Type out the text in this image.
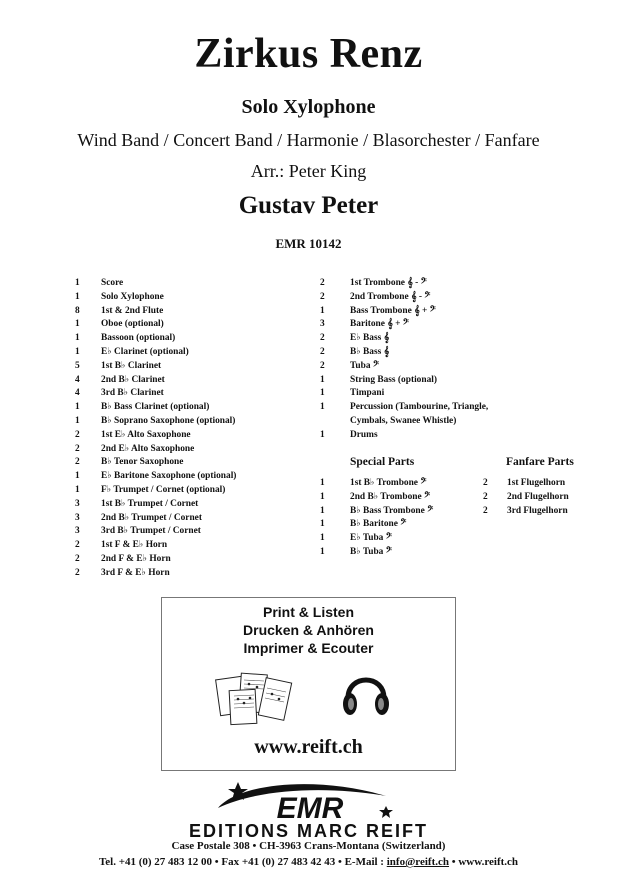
Zirkus Renz
Solo Xylophone
Wind Band / Concert Band / Harmonie / Blasorchester / Fanfare
Arr.: Peter King
Gustav Peter
EMR 10142
1 Score
1 Solo Xylophone
8 1st & 2nd Flute
1 Oboe (optional)
1 Bassoon (optional)
1 E♭ Clarinet (optional)
5 1st B♭ Clarinet
4 2nd B♭ Clarinet
4 3rd B♭ Clarinet
1 B♭ Bass Clarinet (optional)
1 B♭ Soprano Saxophone (optional)
2 1st E♭ Alto Saxophone
2 2nd E♭ Alto Saxophone
2 B♭ Tenor Saxophone
1 E♭ Baritone Saxophone (optional)
1 F♭ Trumpet / Cornet (optional)
3 1st B♭ Trumpet / Cornet
3 2nd B♭ Trumpet / Cornet
3 3rd B♭ Trumpet / Cornet
2 1st F & E♭ Horn
2 2nd F & E♭ Horn
2 3rd F & E♭ Horn
2	1st Trombone 𝄞 - 𝄢
2	2nd Trombone 𝄞 - 𝄢
1	Bass Trombone 𝄞 + 𝄢
3	Baritone 𝄞 + 𝄢
2	E♭ Bass 𝄞
2	B♭ Bass 𝄞
2	Tuba 𝄢
1	String Bass (optional)
1	Timpani
1	Percussion (Tambourine, Triangle,
Cymbals, Swanee Whistle)
1	Drums
Special Parts	Fanfare Parts
1	1st B♭ Trombone 𝄢
1	2nd B♭ Trombone 𝄢
1	B♭ Bass Trombone 𝄢
1	B♭ Baritone 𝄢
1	E♭ Tuba 𝄢
1	B♭ Tuba 𝄢
2 1st Flugelhorn
2 2nd Flugelhorn
2 3rd Flugelhorn
Print & Listen
Drucken & Anhören
Imprimer & Ecouter
www.reift.ch
EMR
EDITIONS MARC REIFT
Case Postale 308 • CH-3963 Crans-Montana (Switzerland)
Tel. +41 (0) 27 483 12 00 • Fax +41 (0) 27 483 42 43 • E-Mail : info@reift.ch • www.reift.ch
